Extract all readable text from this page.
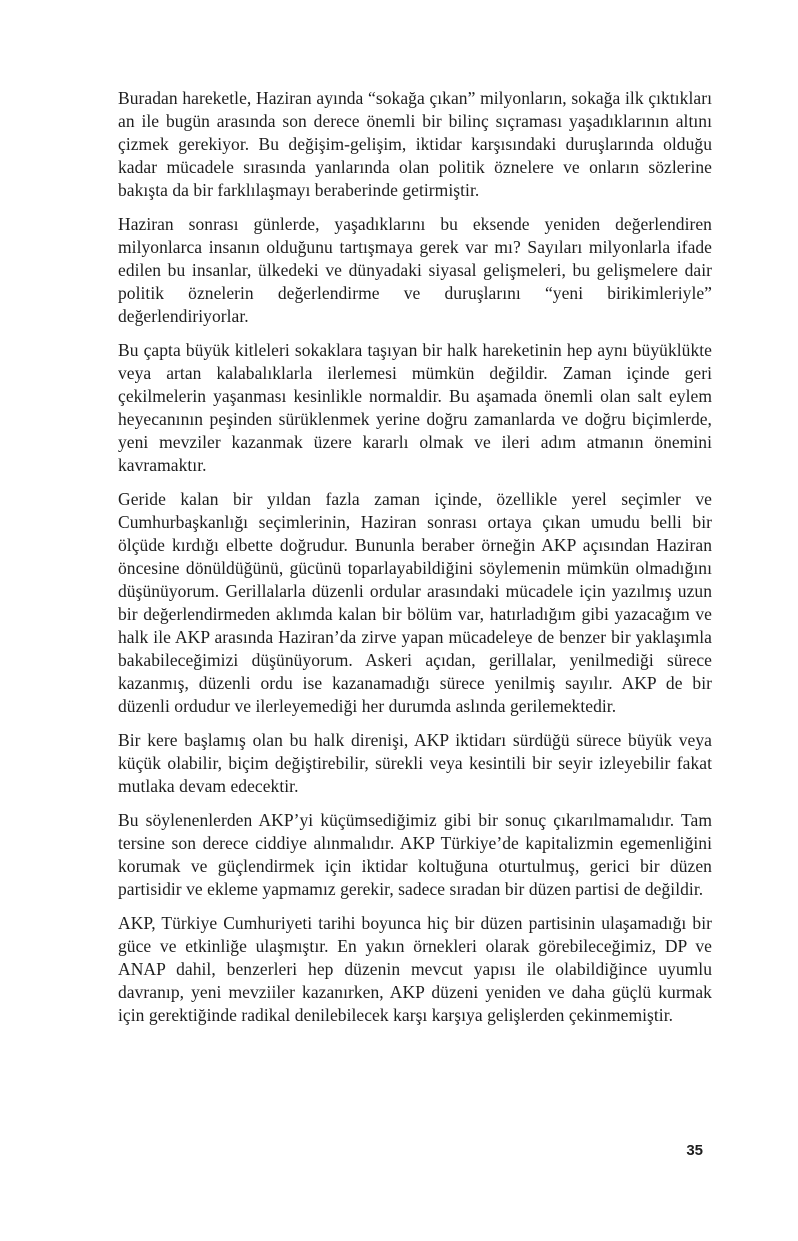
Buradan hareketle, Haziran ayında “sokağa çıkan” milyonların, sokağa ilk çıktıkları an ile bugün arasında son derece önemli bir bilinç sıçraması yaşadıklarının altını çizmek gerekiyor. Bu değişim-gelişim, iktidar karşısındaki duruşlarında olduğu kadar mücadele sırasında yanlarında olan politik öznelere ve onların sözlerine bakışta da bir farklılaşmayı beraberinde getirmiştir.

Haziran sonrası günlerde, yaşadıklarını bu eksende yeniden değerlendiren milyonlarca insanın olduğunu tartışmaya gerek var mı? Sayıları milyonlarla ifade edilen bu insanlar, ülkedeki ve dünyadaki siyasal gelişmeleri, bu gelişmelere dair politik öznelerin değerlendirme ve duruşlarını “yeni birikimleriyle” değerlendiriyorlar.

Bu çapta büyük kitleleri sokaklara taşıyan bir halk hareketinin hep aynı büyüklükte veya artan kalabalıklarla ilerlemesi mümkün değildir. Zaman içinde geri çekilmelerin yaşanması kesinlikle normaldir. Bu aşamada önemli olan salt eylem heyecanının peşinden sürüklenmek yerine doğru zamanlarda ve doğru biçimlerde, yeni mevziler kazanmak üzere kararlı olmak ve ileri adım atmanın önemini kavramaktır.

Geride kalan bir yıldan fazla zaman içinde, özellikle yerel seçimler ve Cumhurbaşkanlığı seçimlerinin, Haziran sonrası ortaya çıkan umudu belli bir ölçüde kırdığı elbette doğrudur. Bununla beraber örneğin AKP açısından Haziran öncesine dönüldüğünü, gücünü toparlayabildiğini söylemenin mümkün olmadığını düşünüyorum. Gerillalarla düzenli ordular arasındaki mücadele için yazılmış uzun bir değerlendirmeden aklımda kalan bir bölüm var, hatırladığım gibi yazacağım ve halk ile AKP arasında Haziran’da zirve yapan mücadeleye de benzer bir yaklaşımla bakabileceğimizi düşünüyorum. Askeri açıdan, gerillalar, yenilmediği sürece kazanmış, düzenli ordu ise kazanamadığı sürece yenilmiş sayılır. AKP de bir düzenli ordudur ve ilerleyemediği her durumda aslında gerilemektedir.

Bir kere başlamış olan bu halk direnişi, AKP iktidarı sürdüğü sürece büyük veya küçük olabilir, biçim değiştirebilir, sürekli veya kesintili bir seyir izleyebilir fakat mutlaka devam edecektir.

Bu söylenenlerden AKP’yi küçümsediğimiz gibi bir sonuç çıkarılmamalıdır. Tam tersine son derece ciddiye alınmalıdır. AKP Türkiye’de kapitalizmin egemenliğini korumak ve güçlendirmek için iktidar koltuğuna oturtulmuş, gerici bir düzen partisidir ve ekleme yapmamız gerekir, sadece sıradan bir düzen partisi de değildir.

AKP, Türkiye Cumhuriyeti tarihi boyunca hiç bir düzen partisinin ulaşamadığı bir güce ve etkinliğe ulaşmıştır. En yakın örnekleri olarak görebileceğimiz, DP ve ANAP dahil, benzerleri hep düzenin mevcut yapısı ile olabildiğince uyumlu davranıp, yeni mevziiler kazanırken, AKP düzeni yeniden ve daha güçlü kurmak için gerektiğinde radikal denilebilecek karşı karşıya gelişlerden çekinmemiştir.

35
